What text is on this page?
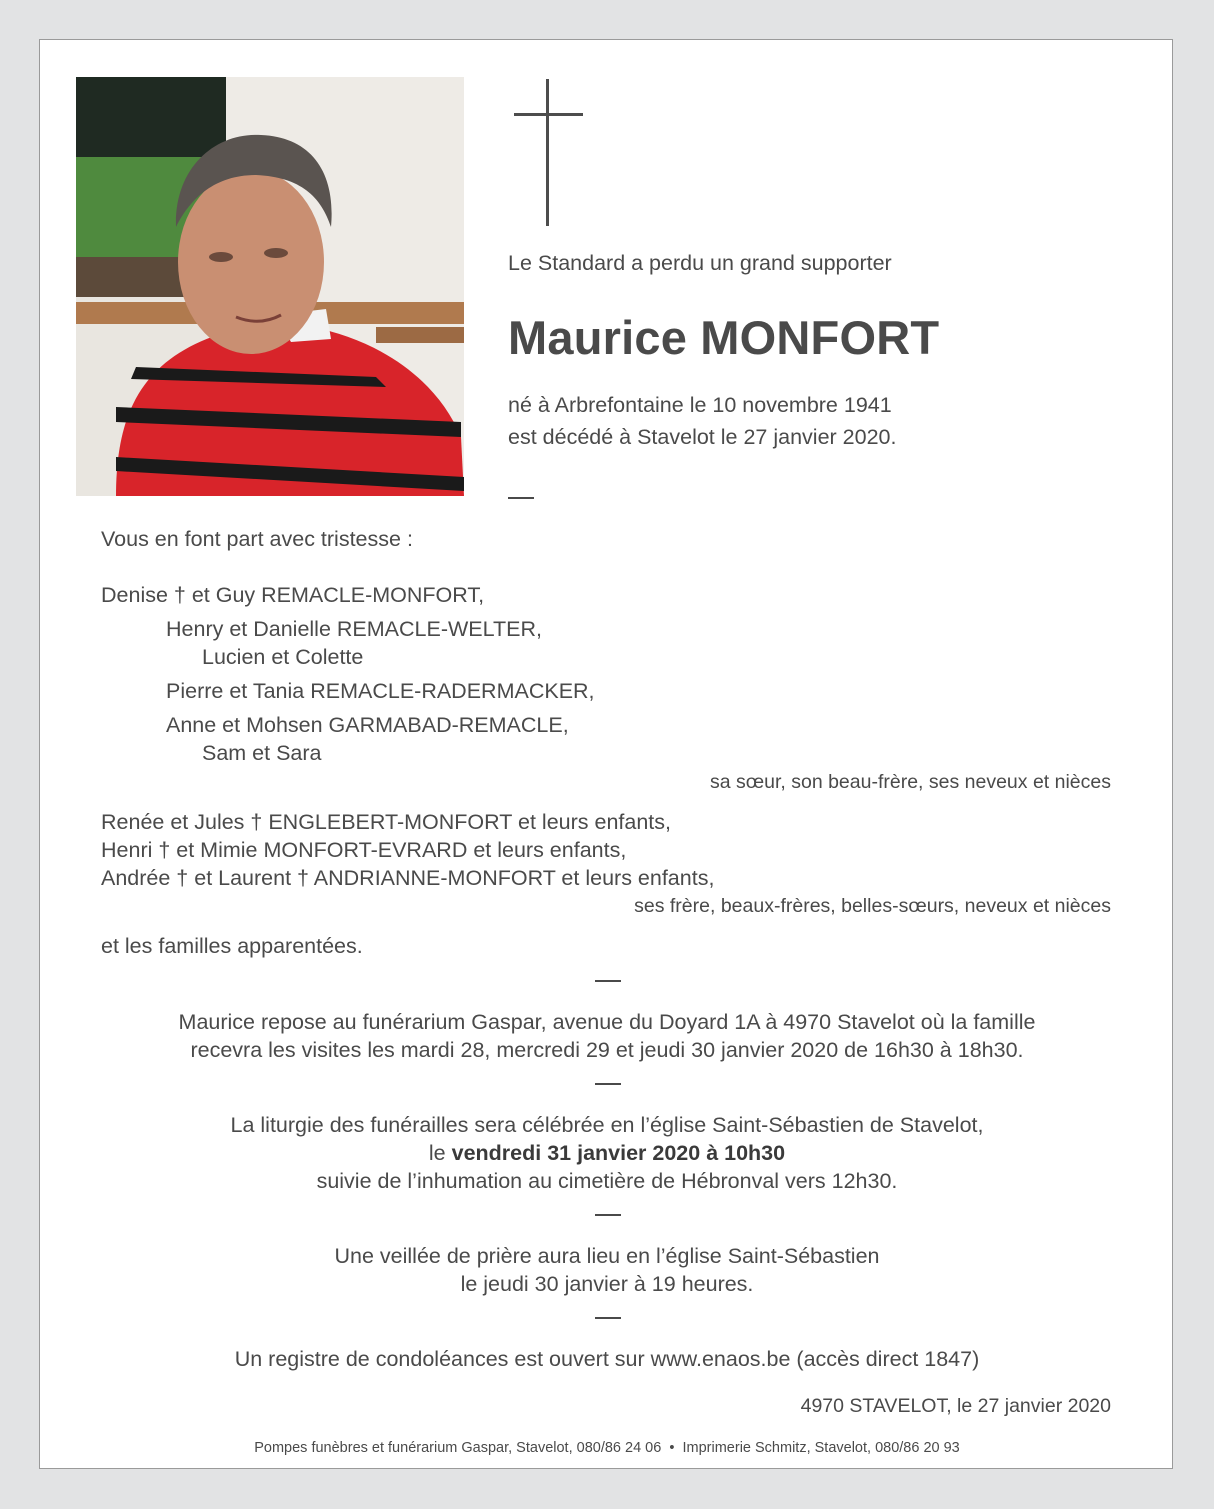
Le Standard a perdu un grand supporter
Maurice MONFORT
né à Arbrefontaine le 10 novembre 1941
est décédé à Stavelot le 27 janvier 2020.
Vous en font part avec tristesse :
Denise † et Guy REMACLE-MONFORT,
Henry et Danielle REMACLE-WELTER,
Lucien et Colette
Pierre et Tania REMACLE-RADERMACKER,
Anne et Mohsen GARMABAD-REMACLE,
Sam et Sara
sa sœur, son beau-frère, ses neveux et nièces
Renée et Jules † ENGLEBERT-MONFORT et leurs enfants,
Henri † et Mimie MONFORT-EVRARD et leurs enfants,
Andrée † et Laurent † ANDRIANNE-MONFORT et leurs enfants,
ses frère, beaux-frères, belles-sœurs, neveux et nièces
et les familles apparentées.
Maurice repose au funérarium Gaspar, avenue du Doyard 1A à 4970 Stavelot où la famille
recevra les visites les mardi 28, mercredi 29 et jeudi 30 janvier 2020 de 16h30 à 18h30.
La liturgie des funérailles sera célébrée en l’église Saint-Sébastien de Stavelot,
le vendredi 31 janvier 2020 à 10h30
suivie de l’inhumation au cimetière de Hébronval vers 12h30.
Une veillée de prière aura lieu en l’église Saint-Sébastien
le jeudi 30 janvier à 19 heures.
Un registre de condoléances est ouvert sur www.enaos.be (accès direct 1847)
4970 STAVELOT, le 27 janvier 2020
Pompes funèbres et funérarium Gaspar, Stavelot, 080/86 24 06 • Imprimerie Schmitz, Stavelot, 080/86 20 93
